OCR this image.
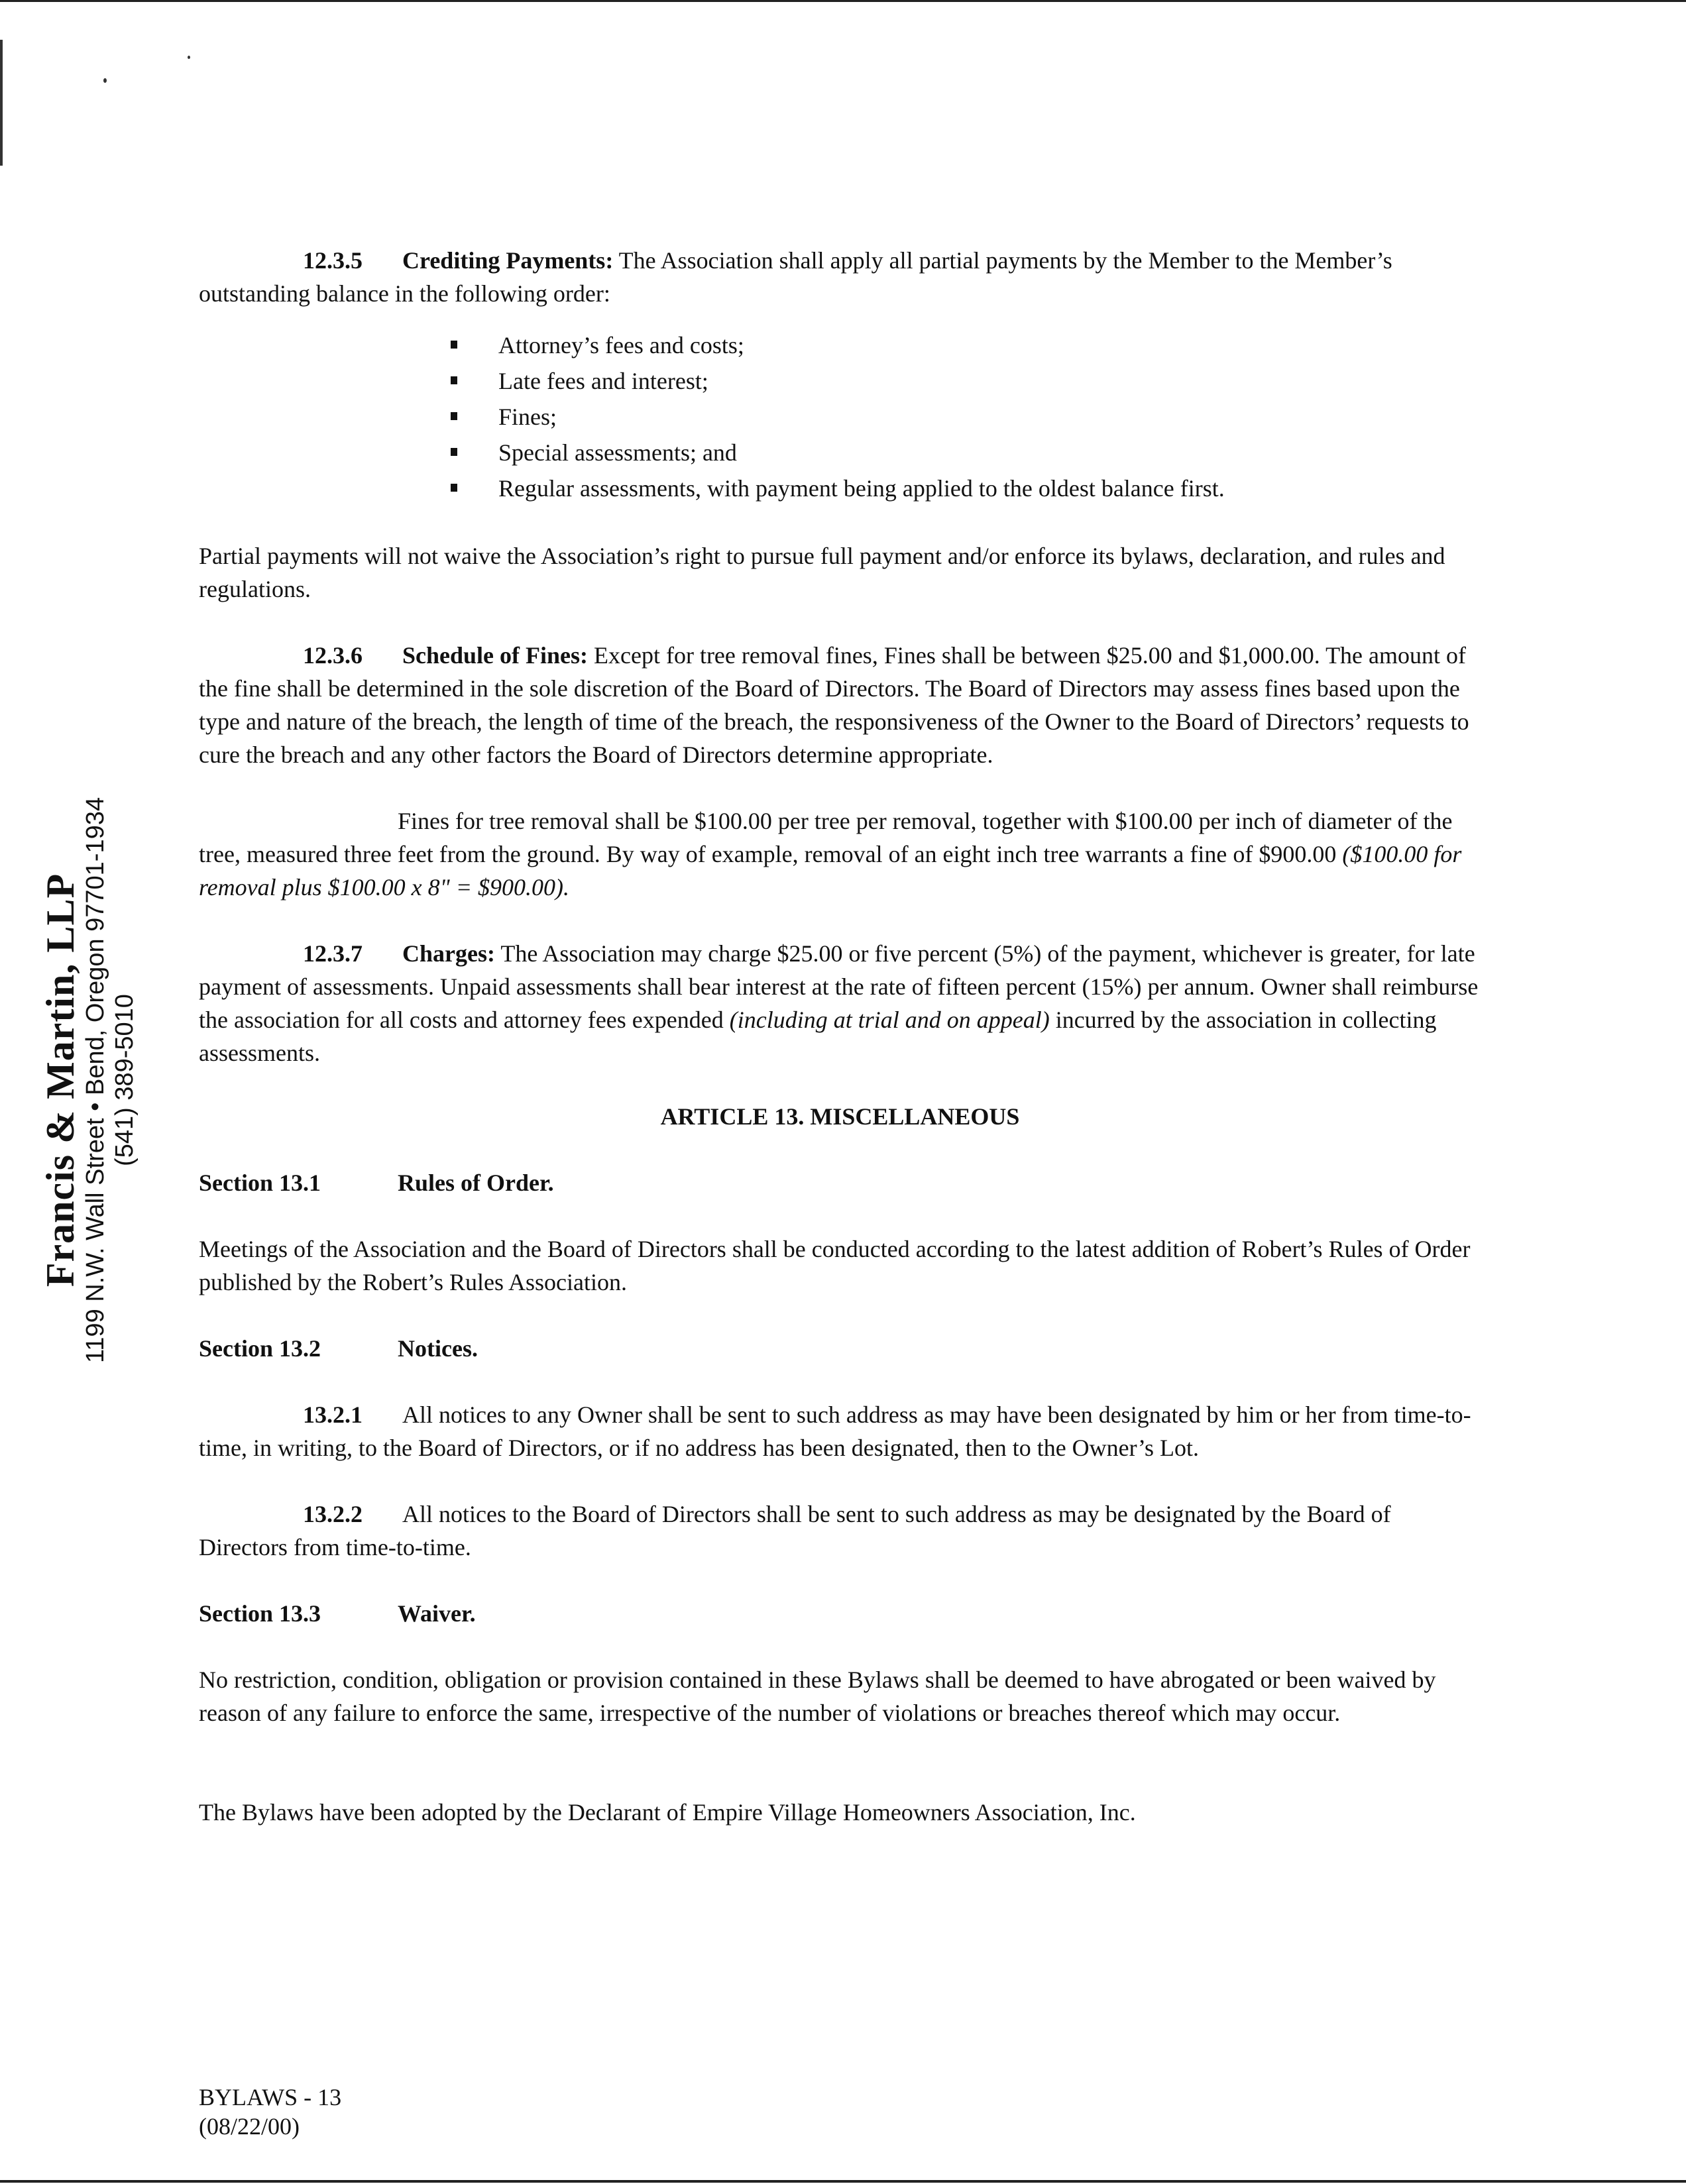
Francis & Martin, LLP 1199 N.W. Wall Street • Bend, Oregon 97701-1934 (541) 389-5010

12.3.5 Crediting Payments: The Association shall apply all partial payments by the Member to the Member’s outstanding balance in the following order:

Attorney’s fees and costs;
Late fees and interest;
Fines;
Special assessments; and
Regular assessments, with payment being applied to the oldest balance first.

Partial payments will not waive the Association’s right to pursue full payment and/or enforce its bylaws, declaration, and rules and regulations.

12.3.6 Schedule of Fines: Except for tree removal fines, Fines shall be between $25.00 and $1,000.00. The amount of the fine shall be determined in the sole discretion of the Board of Directors. The Board of Directors may assess fines based upon the type and nature of the breach, the length of time of the breach, the responsiveness of the Owner to the Board of Directors’ requests to cure the breach and any other factors the Board of Directors determine appropriate.

Fines for tree removal shall be $100.00 per tree per removal, together with $100.00 per inch of diameter of the tree, measured three feet from the ground. By way of example, removal of an eight inch tree warrants a fine of $900.00 ($100.00 for removal plus $100.00 x 8" = $900.00).

12.3.7 Charges: The Association may charge $25.00 or five percent (5%) of the payment, whichever is greater, for late payment of assessments. Unpaid assessments shall bear interest at the rate of fifteen percent (15%) per annum. Owner shall reimburse the association for all costs and attorney fees expended (including at trial and on appeal) incurred by the association in collecting assessments.

ARTICLE 13. MISCELLANEOUS

Section 13.1	Rules of Order.

Meetings of the Association and the Board of Directors shall be conducted according to the latest addition of Robert’s Rules of Order published by the Robert’s Rules Association.

Section 13.2	Notices.

13.2.1 All notices to any Owner shall be sent to such address as may have been designated by him or her from time-to-time, in writing, to the Board of Directors, or if no address has been designated, then to the Owner’s Lot.

13.2.2 All notices to the Board of Directors shall be sent to such address as may be designated by the Board of Directors from time-to-time.

Section 13.3	Waiver.

No restriction, condition, obligation or provision contained in these Bylaws shall be deemed to have abrogated or been waived by reason of any failure to enforce the same, irrespective of the number of violations or breaches thereof which may occur.

The Bylaws have been adopted by the Declarant of Empire Village Homeowners Association, Inc.

BYLAWS - 13
(08/22/00)
